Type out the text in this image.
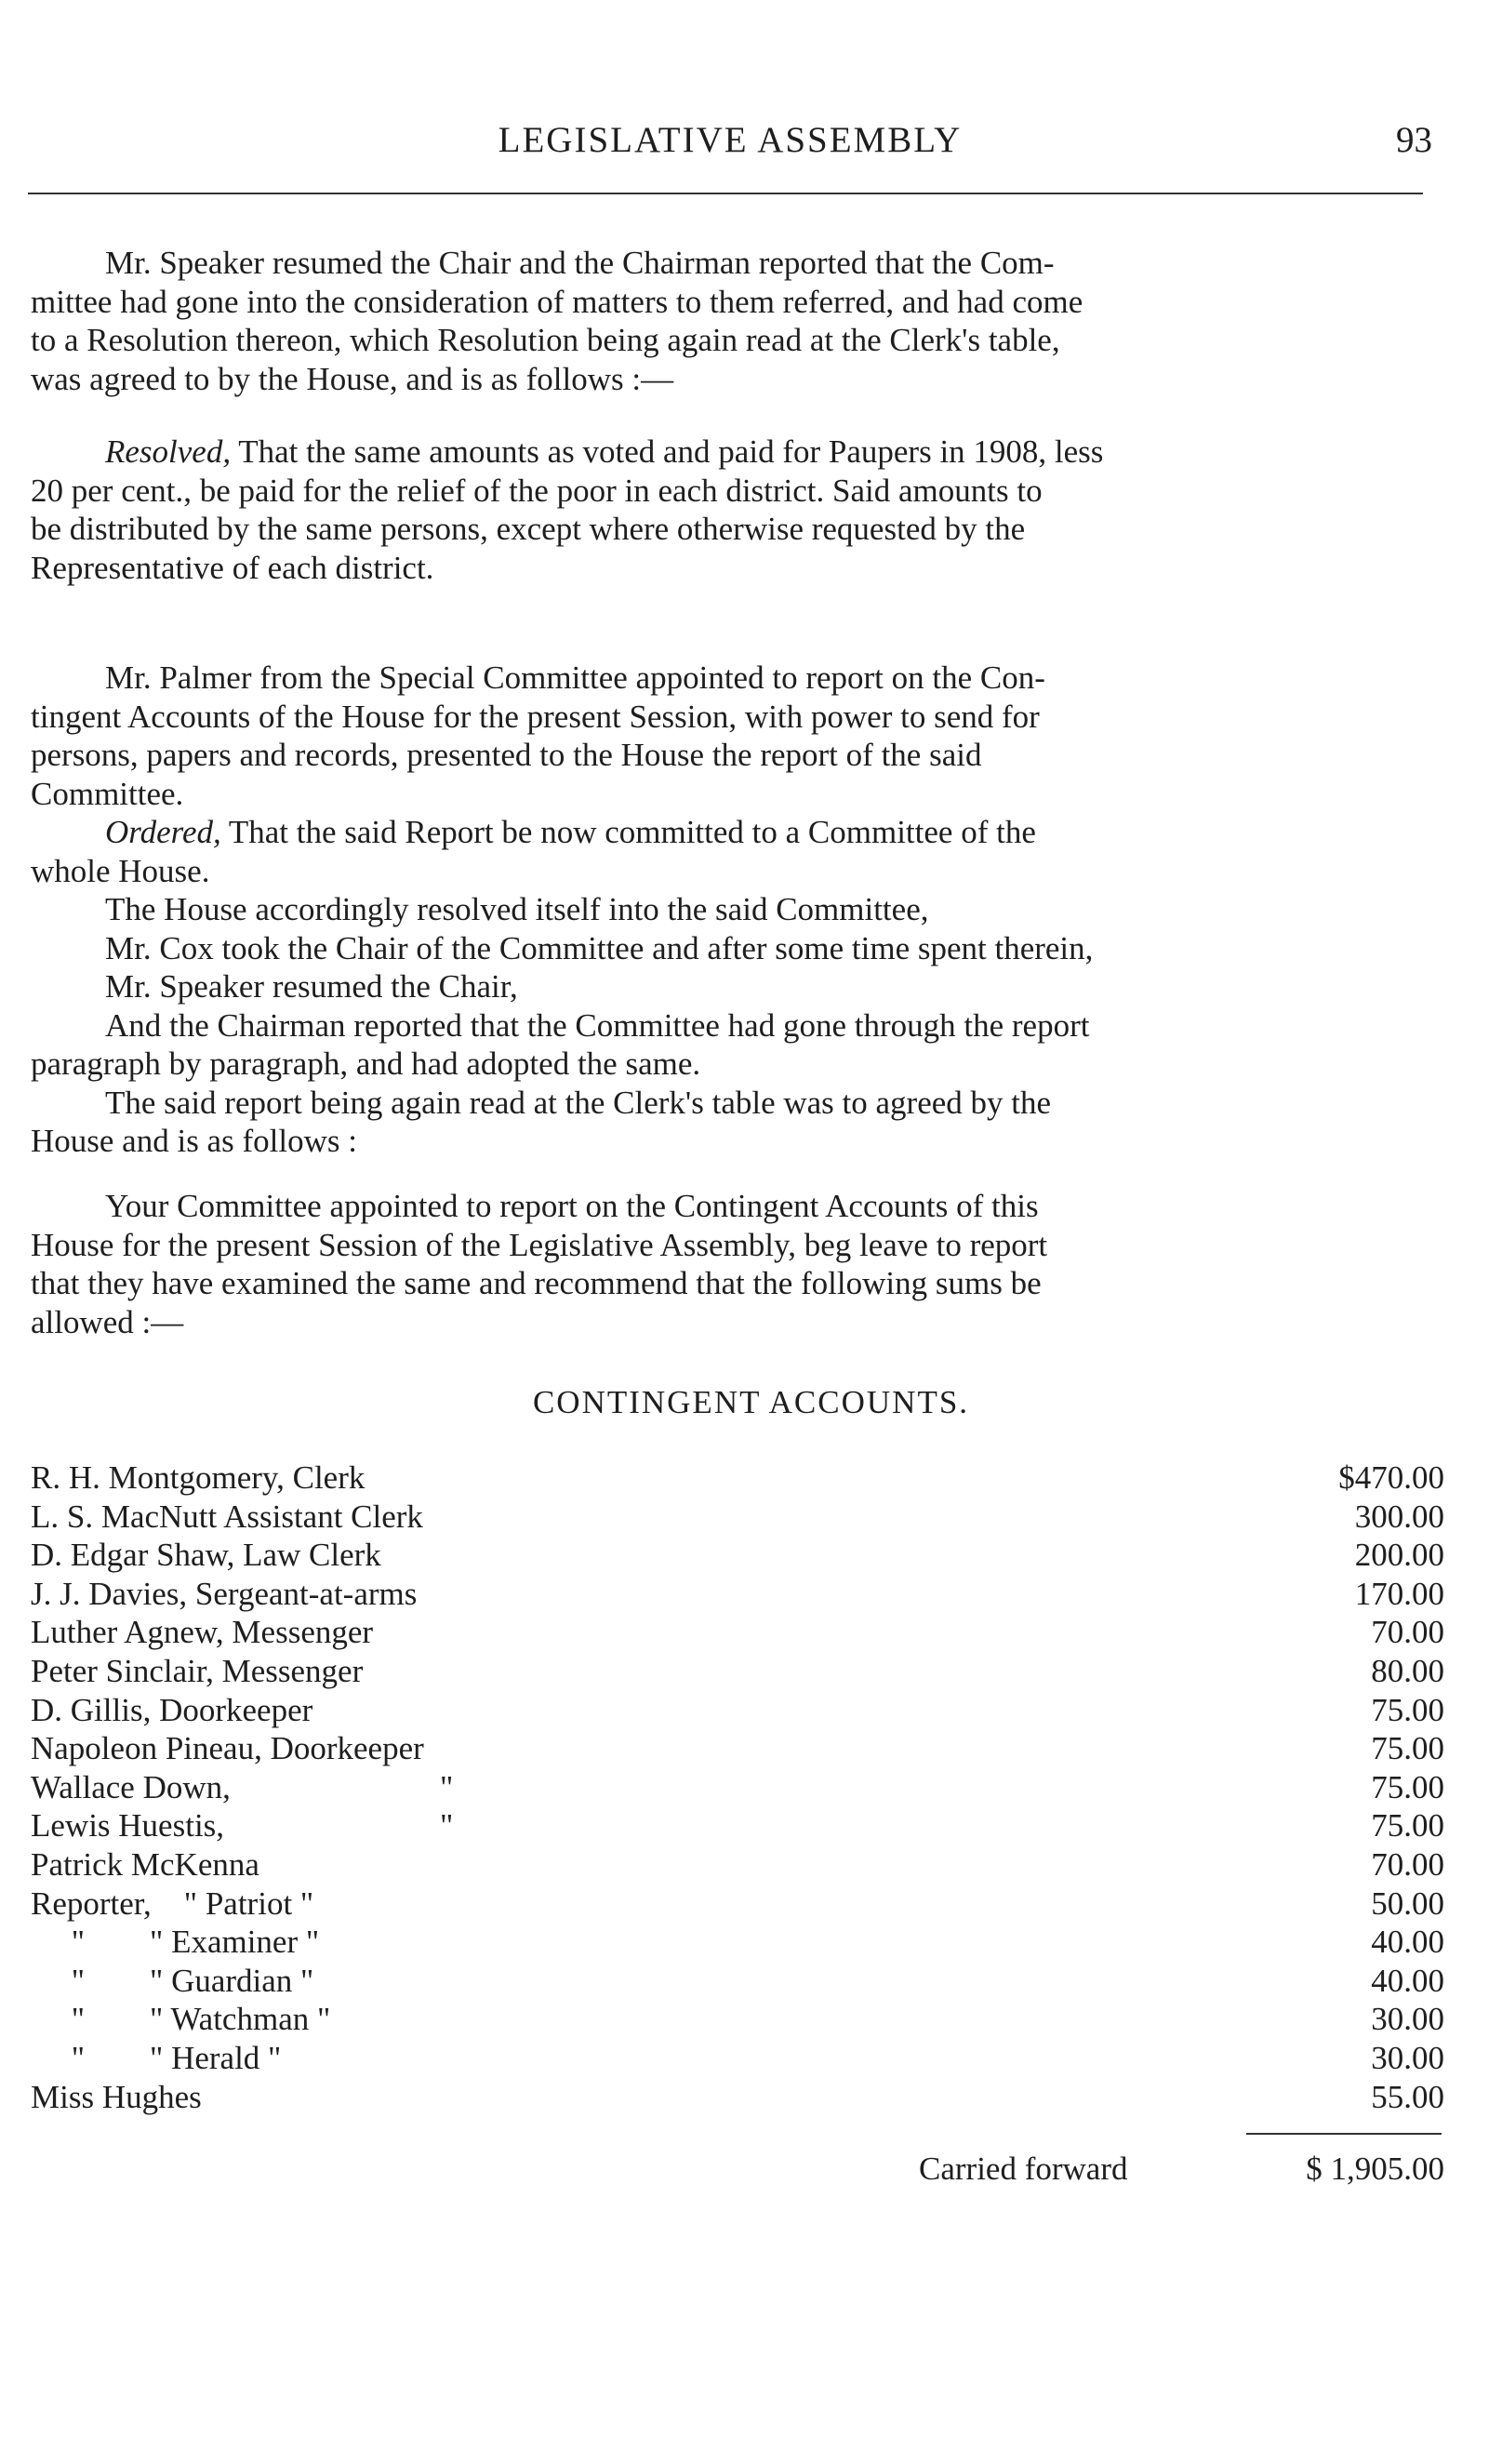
LEGISLATIVE ASSEMBLY	93
Mr. Speaker resumed the Chair and the Chairman reported that the Com-
mittee had gone into the consideration of matters to them referred, and had come
to a Resolution thereon, which Resolution being again read at the Clerk's table,
was agreed to by the House, and is as follows :—
Resolved, That the same amounts as voted and paid for Paupers in 1908, less
20 per cent., be paid for the relief of the poor in each district. Said amounts to
be distributed by the same persons, except where otherwise requested by the
Representative of each district.
Mr. Palmer from the Special Committee appointed to report on the Con-
tingent Accounts of the House for the present Session, with power to send for
persons, papers and records, presented to the House the report of the said
Committee.
Ordered, That the said Report be now committed to a Committee of the
whole House.
The House accordingly resolved itself into the said Committee,
Mr. Cox took the Chair of the Committee and after some time spent therein,
Mr. Speaker resumed the Chair,
And the Chairman reported that the Committee had gone through the report
paragraph by paragraph, and had adopted the same.
The said report being again read at the Clerk's table was to agreed by the
House and is as follows :
Your Committee appointed to report on the Contingent Accounts of this
House for the present Session of the Legislative Assembly, beg leave to report
that they have examined the same and recommend that the following sums be
allowed :—
CONTINGENT ACCOUNTS.
R. H. Montgomery, Clerk	$470.00
L. S. MacNutt Assistant Clerk	300.00
D. Edgar Shaw, Law Clerk	200.00
J. J. Davies, Sergeant-at-arms	170.00
Luther Agnew, Messenger	70.00
Peter Sinclair, Messenger	80.00
D. Gillis, Doorkeeper	75.00
Napoleon Pineau, Doorkeeper	75.00
Wallace Down,	"	75.00
Lewis Huestis,	"	75.00
Patrick McKenna	70.00
Reporter,    " Patriot "	50.00
"        " Examiner "	40.00
"        " Guardian "	40.00
"        " Watchman "	30.00
"        " Herald "	30.00
Miss Hughes	55.00
Carried forward	$ 1,905.00
